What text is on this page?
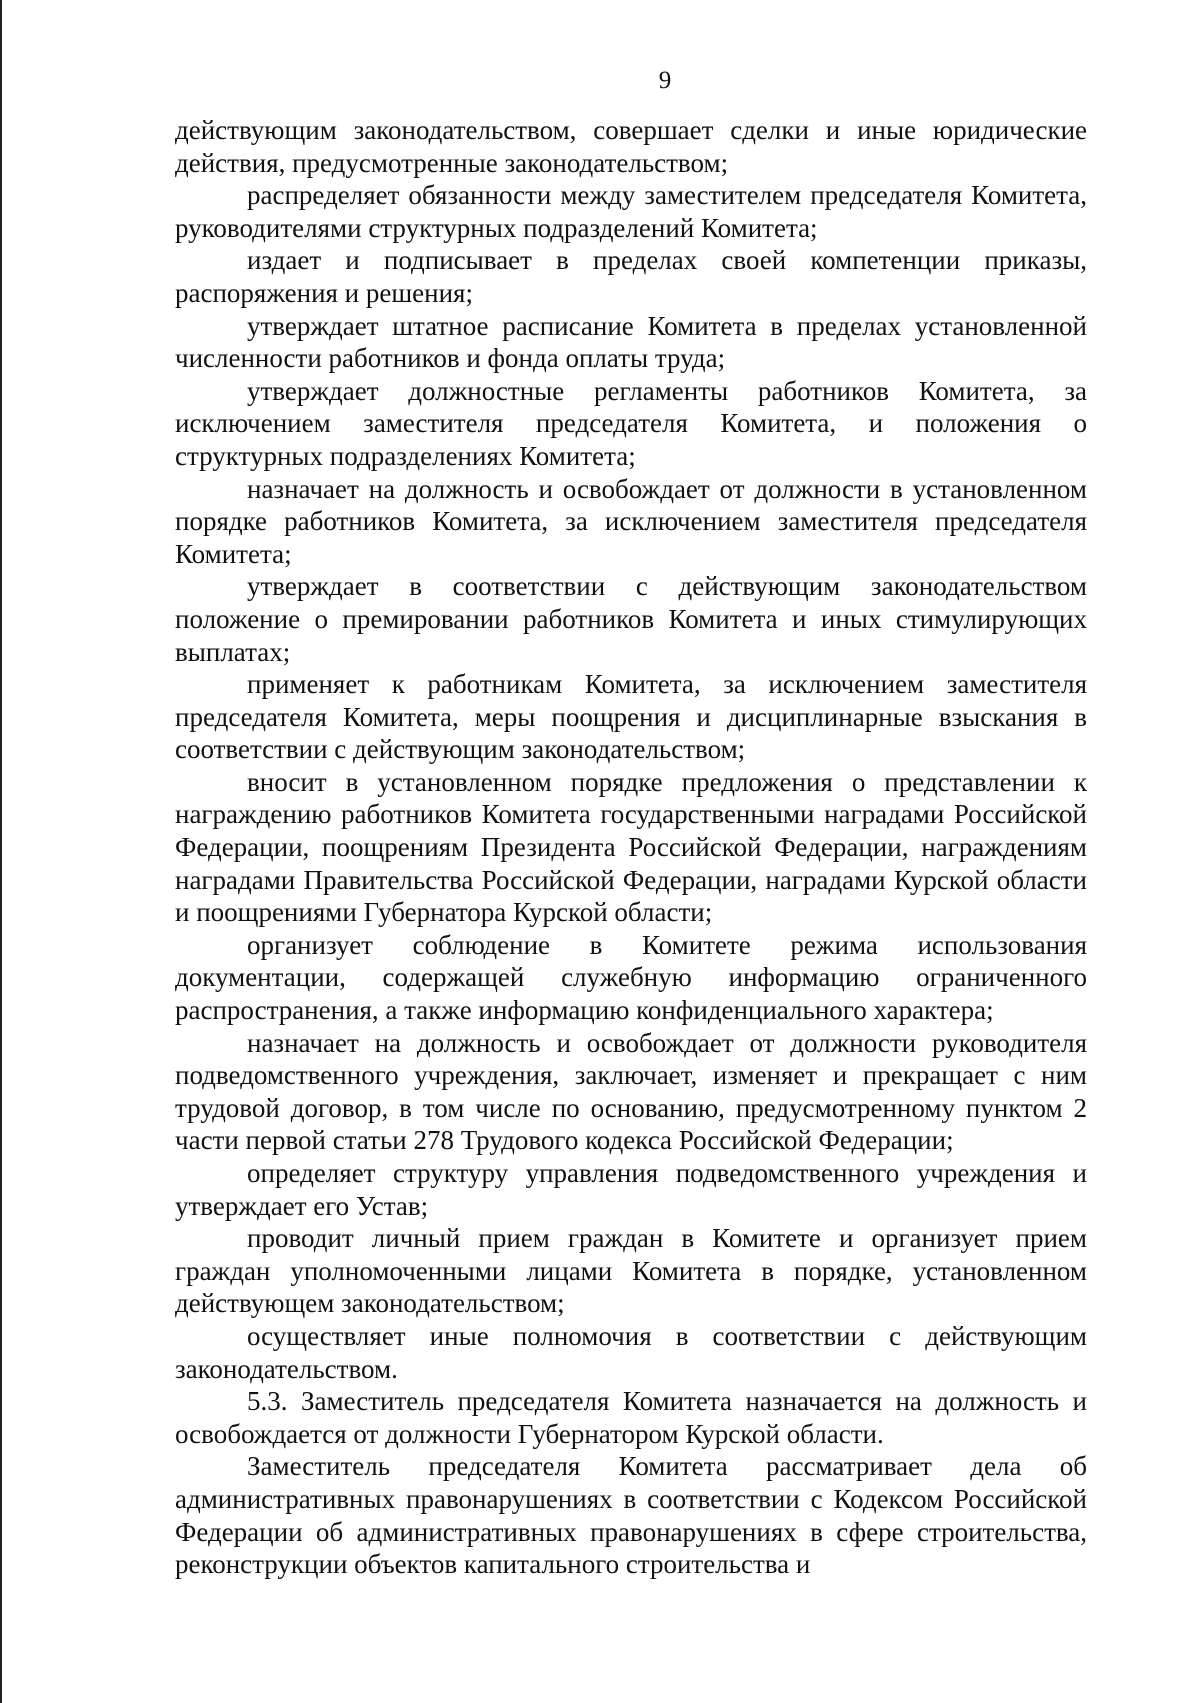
9

действующим законодательством, совершает сделки и иные юридические действия, предусмотренные законодательством;

распределяет обязанности между заместителем председателя Комитета, руководителями структурных подразделений Комитета;

издает и подписывает в пределах своей компетенции приказы, распоряжения и решения;

утверждает штатное расписание Комитета в пределах установленной численности работников и фонда оплаты труда;

утверждает должностные регламенты работников Комитета, за исключением заместителя председателя Комитета, и положения о структурных подразделениях Комитета;

назначает на должность и освобождает от должности в установленном порядке работников Комитета, за исключением заместителя председателя Комитета;

утверждает в соответствии с действующим законодательством положение о премировании работников Комитета и иных стимулирующих выплатах;

применяет к работникам Комитета, за исключением заместителя председателя Комитета, меры поощрения и дисциплинарные взыскания в соответствии с действующим законодательством;

вносит в установленном порядке предложения о представлении к награждению работников Комитета государственными наградами Российской Федерации, поощрениям Президента Российской Федерации, награждениям наградами Правительства Российской Федерации, наградами Курской области и поощрениями Губернатора Курской области;

организует соблюдение в Комитете режима использования документации, содержащей служебную информацию ограниченного распространения, а также информацию конфиденциального характера;

назначает на должность и освобождает от должности руководителя подведомственного учреждения, заключает, изменяет и прекращает с ним трудовой договор, в том числе по основанию, предусмотренному пунктом 2 части первой статьи 278 Трудового кодекса Российской Федерации;

определяет структуру управления подведомственного учреждения и утверждает его Устав;

проводит личный прием граждан в Комитете и организует прием граждан уполномоченными лицами Комитета в порядке, установленном действующем законодательством;

осуществляет иные полномочия в соответствии с действующим законодательством.

5.3. Заместитель председателя Комитета назначается на должность и освобождается от должности Губернатором Курской области.

Заместитель председателя Комитета рассматривает дела об административных правонарушениях в соответствии с Кодексом Российской Федерации об административных правонарушениях в сфере строительства, реконструкции объектов капитального строительства и
